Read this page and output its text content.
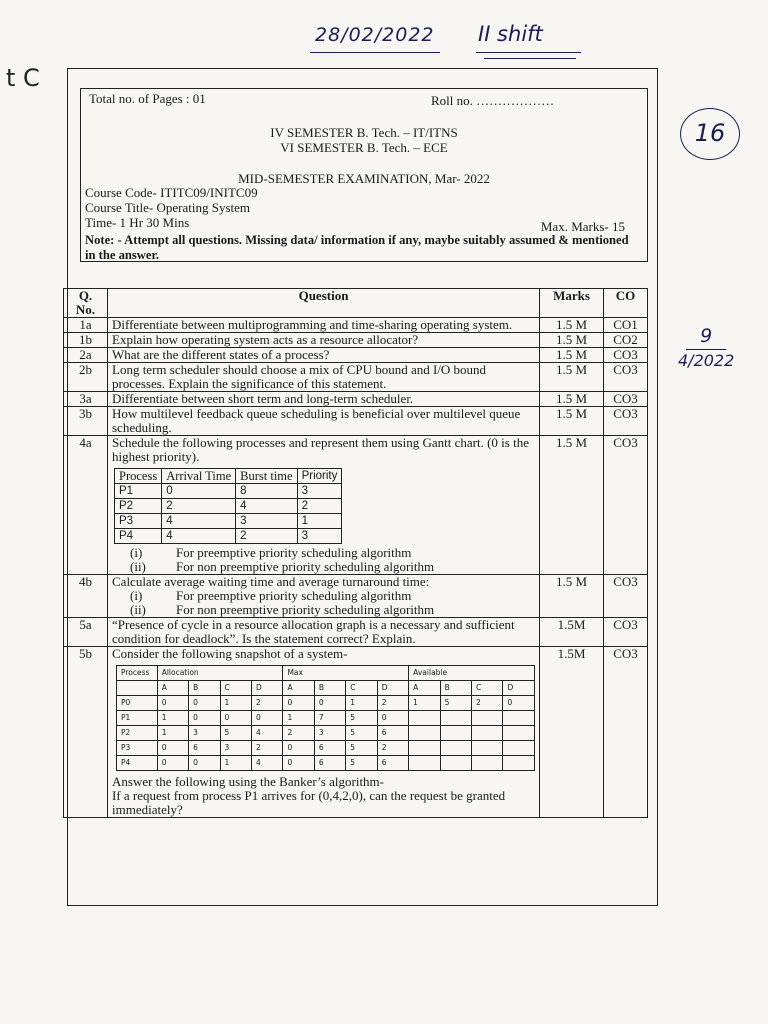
28/02/2022 II shift
t C
16
9
4/2022
Total no. of Pages : 01	Roll no. ………………
IV SEMESTER B. Tech. – IT/ITNS
VI SEMESTER B. Tech. – ECE
MID-SEMESTER EXAMINATION, Mar- 2022
Course Code- ITITC09/INITC09
Course Title- Operating System
Time- 1 Hr 30 Mins	Max. Marks- 15
Note: - Attempt all questions. Missing data/ information if any, maybe suitably assumed & mentioned in the answer.
Q. No.	Question	Marks	CO
1a	Differentiate between multiprogramming and time-sharing operating system.	1.5 M	CO1
1b	Explain how operating system acts as a resource allocator?	1.5 M	CO2
2a	What are the different states of a process?	1.5 M	CO3
2b	Long term scheduler should choose a mix of CPU bound and I/O bound processes. Explain the significance of this statement.	1.5 M	CO3
3a	Differentiate between short term and long-term scheduler.	1.5 M	CO3
3b	How multilevel feedback queue scheduling is beneficial over multilevel queue scheduling.	1.5 M	CO3
4a	Schedule the following processes and represent them using Gantt chart. (0 is the highest priority).
Process	Arrival Time	Burst time	Priority
P1	0	8	3
P2	2	4	2
P3	4	3	1
P4	4	2	3
(i)	For preemptive priority scheduling algorithm
(ii)	For non preemptive priority scheduling algorithm
	1.5 M	CO3
4b	Calculate average waiting time and average turnaround time:
(i)	For preemptive priority scheduling algorithm
(ii)	For non preemptive priority scheduling algorithm
	1.5 M	CO3
5a	“Presence of cycle in a resource allocation graph is a necessary and sufficient condition for deadlock”. Is the statement correct? Explain.	1.5M	CO3
5b	Consider the following snapshot of a system-
Process	Allocation	Max	Available
	A	B	C	D	A	B	C	D	A	B	C	D
P0	0	0	1	2	0	0	1	2	1	5	2	0
P1	1	0	0	0	1	7	5	0				
P2	1	3	5	4	2	3	5	6				
P3	0	6	3	2	0	6	5	2				
P4	0	0	1	4	0	6	5	6				
Answer the following using the Banker’s algorithm-
If a request from process P1 arrives for (0,4,2,0), can the request be granted immediately?
	1.5M	CO3
